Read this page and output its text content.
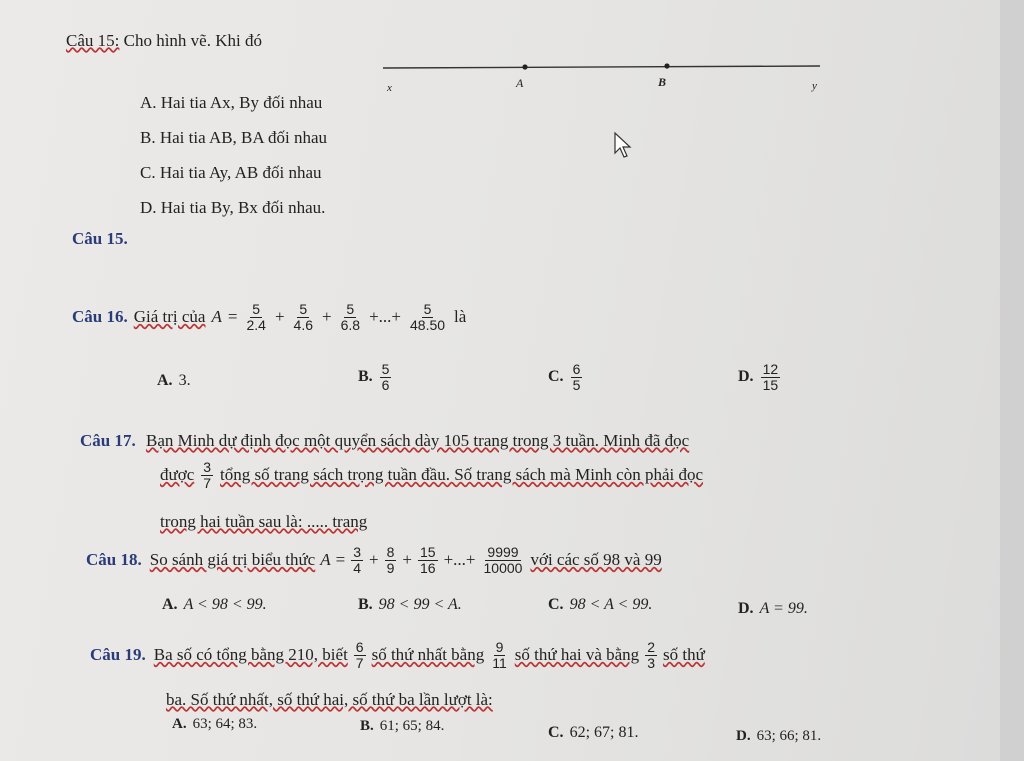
Câu 15: Cho hình vẽ. Khi đó
x	A	B	y
A. Hai tia Ax, By đối nhau
B. Hai tia AB, BA đối nhau
C. Hai tia Ay, AB đối nhau
D. Hai tia By, Bx đối nhau.
Câu 15.
Câu 16. Giá trị của $A = \frac{5}{2.4} + \frac{5}{4.6} + \frac{5}{6.8}$ +...+ $\frac{5}{48.50}$ là
A. 3.	B. $\frac{5}{6}$	C. $\frac{6}{5}$	D. $\frac{12}{15}$
Câu 17. Bạn Minh dự định đọc một quyển sách dày 105 trang trong 3 tuần. Minh đã đọc
được $\frac{3}{7}$ tổng số trang sách trọng tuần đầu. Số trang sách mà Minh còn phải đọc
trong hai tuần sau là: ..... trang
Câu 18. So sánh giá trị biểu thức $A = \frac{3}{4} + \frac{8}{9} + \frac{15}{16}$ +...+ $\frac{9999}{10000}$ với các số 98 và 99
A. A < 98 < 99.	B. 98 < 99 < A.	C. 98 < A < 99.	D. A = 99.
Câu 19. Ba số có tổng bằng 210, biết $\frac{6}{7}$ số thứ nhất bằng $\frac{9}{11}$ số thứ hai và bằng $\frac{2}{3}$ số thứ
ba. Số thứ nhất, số thứ hai, số thứ ba lần lượt là:
A. 63; 64; 83.	B. 61; 65; 84.	C. 62; 67; 81.	D. 63; 66; 81.
